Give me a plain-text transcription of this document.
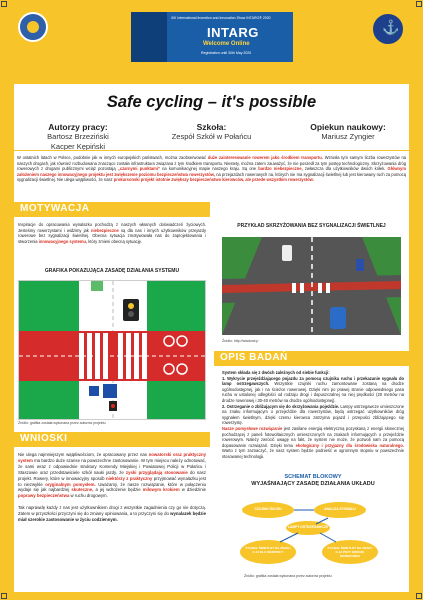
⚓
XIII International Invention and Innovation Show INTARG® 2020
INTARG
Welcome Online
Registration until 30th May 2020
Safe cycling – it's possible
Autorzy pracy:
Bartosz Brzeziński
Kacper Kępiński
Szkoła:
Zespół Szkół w Połańcu
Opiekun naukowy:
Mariusz Zyngier
W ostatnich latach w Polsce, podobnie jak w innych europejskich państwach, można zaobserwować duże zainteresowanie rowerem jako środkiem transportu. Wzrosła tym samym liczba rowerzystów na naszych drogach, jak również rozbudowana znacząco została infrastruktura związana z tym środkiem transportu. Niestety, można zatem zauważyć, że nie poszedł za tym postęp technologiczny. Skrzyżowania dróg rowerowych z drogami publicznymi wciąż pozostają „czarnymi punktami” na komunikacyjnej mapie naszego kraju. Są one bardzo niebezpieczne, zwłaszcza dla użytkowników dwóch kółek. Głównym założeniem naszego innowacyjnego projektu jest zwiększenie poziomu bezpieczeństwa rowerzystów, na przejazdach rowerowych na, których nie ma sygnalizacji świetlnej lub jest kierowany ruch za pomocą sygnalizacji świetlnej. Nie ulega wątpliwości, że nasz prokursonski projekt istotnie zwiększy bezpieczeństwo kierowców, ale przede wszystkim rowerzystów.
MOTYWACJA
Inspiracje do opracowania wynalazku pochodzą z naszych własnych doświadczeń życiowych. Jesteśmy rowerzystami i widzimy jak niebezpieczne są dla nas i innych użytkowników przejazdy rowerowe bez sygnalizacji świetlnej. Obecna sytuacja zmotywowała nas do zaprojektowania i stworzenia innowacyjnego systemu, który zmieni obecną sytuację.
GRAFIKA POKAZUJĄCA ZASADĘ DZIAŁANIA SYSTEMU
Źródło: grafika została wykonana przez autorów projektu
PRZYKŁAD SKRZYŻOWANIA BEZ SYGNALIZACJI ŚWIETLNEJ
Źródło: http://wiadomi.p
OPIS BADAŃ
System składa się z dwóch zależnych od siebie funkcji:
1. Wykrycie przejeżdżającego pojazdu za pomocą czujnika ruchu i przekazanie sygnału do lamp ostrzegawczych. Wszystkie czujniki ruchu zamontowane zostaną na drodze ogólnodostępnej, jak i na ścieżce rowerowej. Dzięki nim po prawej stronie odpowiedniego pasa ruchu w ustalonej odległości od rodzaju drogi i dopuszczalnej na niej prędkości (20 metrów na drodze rowerowej i 30-40 metrów na drodze ogólnodostępnej).
2. Ostrzeganie o zbliżającym się do skrzyżowania pojeździe. Lampy ostrzegawcze umieszczone na znaku informującym o przejeździe dla rowerzystów, będą ostrzegać użytkowników dróg sygnałem świetlnym, dzięki czemu kierowca zatrzyma pojazd i przepuści zbliżającego się rowerzystę.
Nasze pomysłowe rozwiązanie jest zasilane energią elektryczną pozyskaną z energii słonecznej pochodzącej z paneli fotowoltaicznych umieszczonych na znakach informujących o przejeździe rowerowym. Należy zwrócić uwagę na fakt, że system nie może, że pozwoli nam za pomocą dopasowanie rozwiązań. Dzięki temu ekologiczny i przyjazny dla środowiska naturalnego. Warto z tym zaznaczyć, że nasz system będzie podnieść w ogromnym stopniu w powszechnie stosowanej technologii.
WNIOSKI
Nie ulega najmniejszym wątpliwościom, że opracowany przez nas nowatorski oraz praktyczny system ma bardzo duże szanse na powszechne zastosowanie. W tym miejscu należy odnotować, że sami wraz z odpowiednie struktury Komendy Miejskiej i Powiatowej Policji w Połańcu i Staszowie oraz przedstawiciele szkół nauki jazdy, że zyski przyglądają stosowanie do nasz projekt. Rowery, które w innowacyjny sposób niektórzy z praktyczny przyjmować wynalazku jest to niezwykle oryginalnym pomysłem. Uważamy, że nasze rozwiązanie, które w połączeniu wydaje się jak najbardziej skuteczne, a jej wdrożenie będzie milowym krokiem w dziedzinie poprawy bezpieczeństwa w ruchu drogowym.

Tak naprawdę każdy z nas jest użytkownikiem drogi z wszystkie zagadnienia czy go nie dotyczą. Zatem w przyszłości przyczyni się do zmiany opiniowania, a to przyczyni się do wynalazek będzie miał szerokie zastosowanie w życiu codziennym.
SCHEMAT BLOKOWY
WYJAŚNIAJĄCY ZASADĘ DZIAŁANIA UKŁADU
CZUJNIK RUCHU	ANALIZA SYGNAŁU
LAMPY OSTRZEGAWCZE
SYGNAŁ ŚWIETLNY NA ZNAKU C-13 DLA KIEROWCY
SYGNAŁ ŚWIETLNY NA ZNAKU C-13 PRZY DRODZE ROWEROWEJ
Źródło: grafika została wykonana przez autorów projektu
